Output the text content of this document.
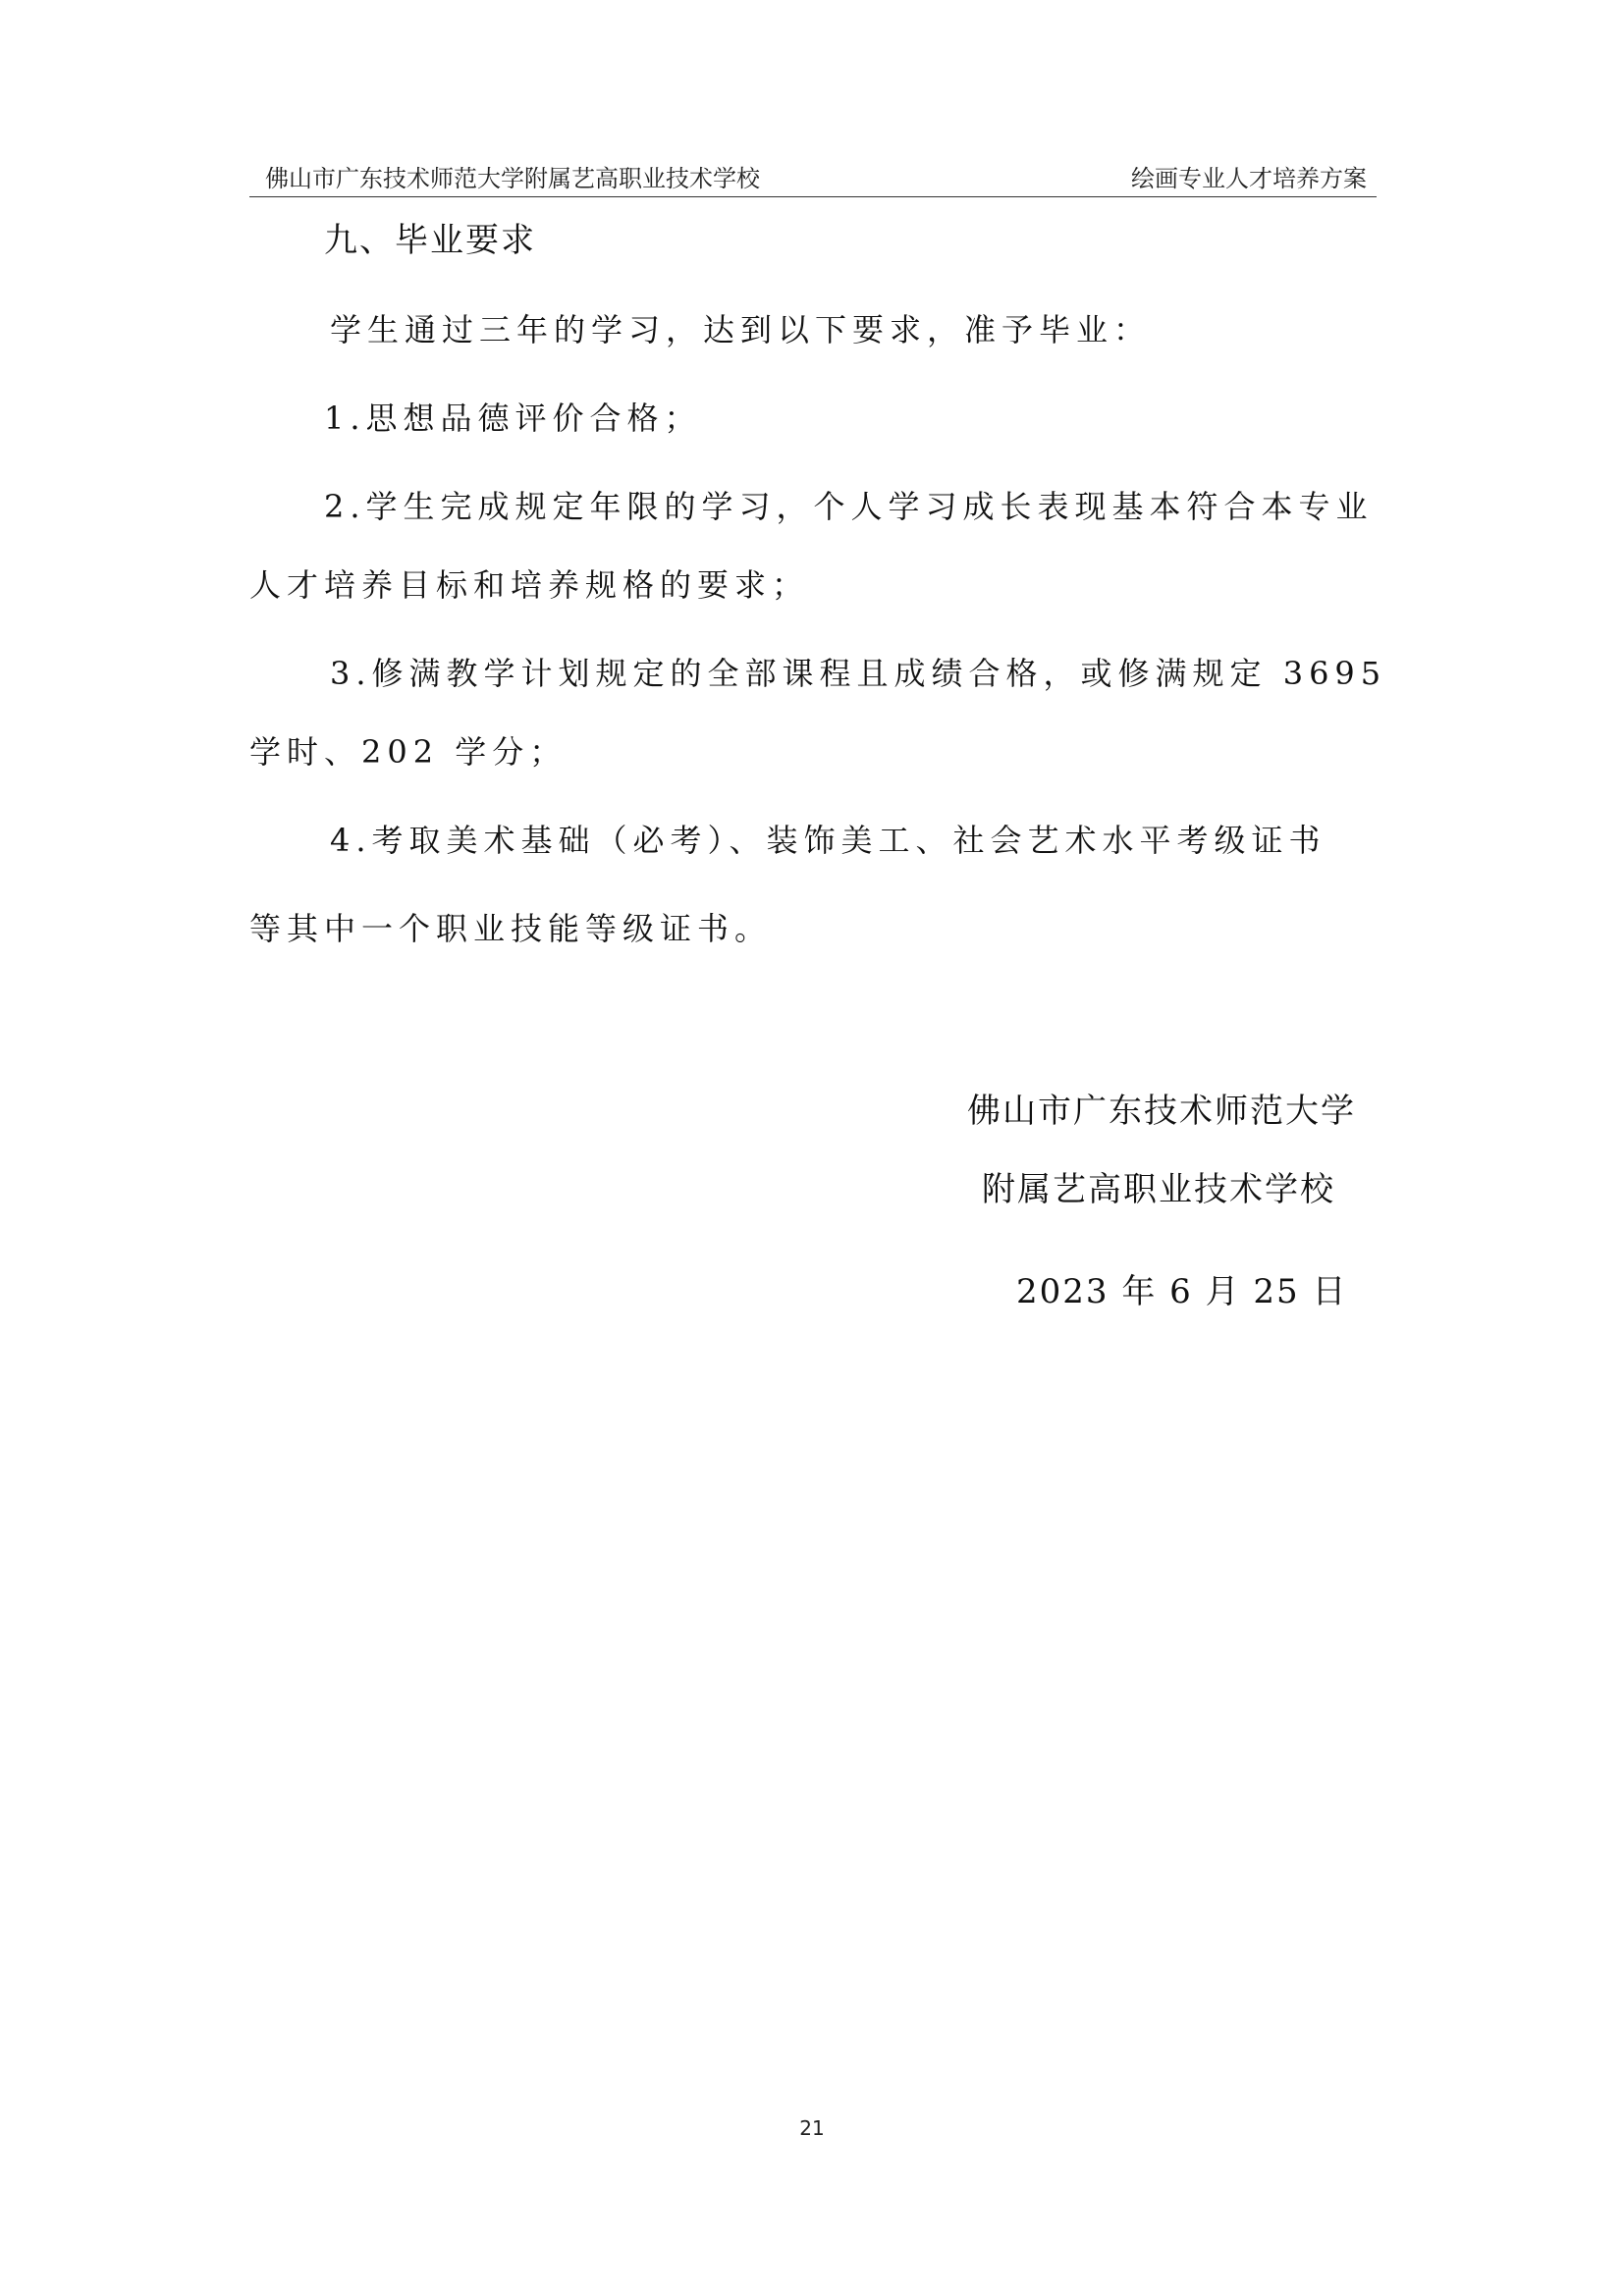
佛山市广东技术师范大学附属艺高职业技术学校	绘画专业人才培养方案
九、毕业要求
学生通过三年的学习，达到以下要求，准予毕业：
1.思想品德评价合格；
2.学生完成规定年限的学习，个人学习成长表现基本符合本专业
人才培养目标和培养规格的要求；
3.修满教学计划规定的全部课程且成绩合格，或修满规定 3695
学时、202 学分；
4.考取美术基础（必考）、装饰美工、社会艺术水平考级证书
等其中一个职业技能等级证书。
佛山市广东技术师范大学
附属艺高职业技术学校
2023 年 6 月 25 日
21
